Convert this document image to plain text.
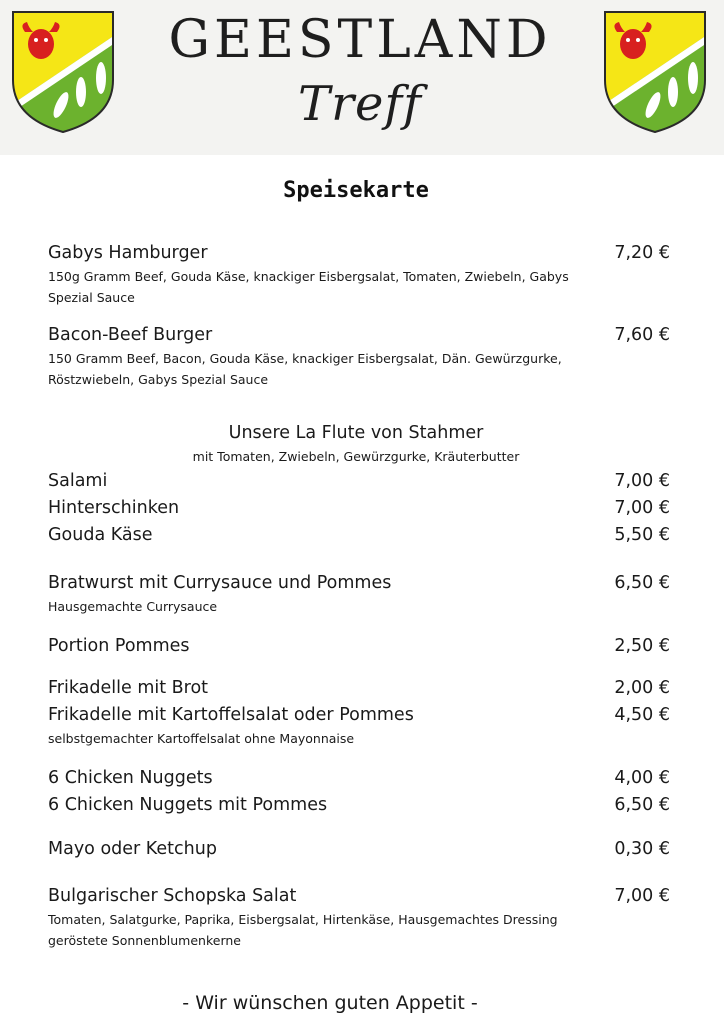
GEESTLAND
Treff
Speisekarte
Gabys Hamburger	7,20 €
150g Gramm Beef, Gouda Käse, knackiger Eisbergsalat, Tomaten, Zwiebeln, Gabys Spezial Sauce
Bacon-Beef Burger	7,60 €
150 Gramm Beef, Bacon, Gouda Käse, knackiger Eisbergsalat, Dän. Gewürzgurke, Röstzwiebeln, Gabys Spezial Sauce
Unsere La Flute von Stahmer
mit Tomaten, Zwiebeln, Gewürzgurke, Kräuterbutter
Salami	7,00 €
Hinterschinken	7,00 €
Gouda Käse	5,50 €
Bratwurst mit Currysauce und Pommes	6,50 €
Hausgemachte Currysauce
Portion Pommes	2,50 €
Frikadelle mit Brot	2,00 €
Frikadelle mit Kartoffelsalat oder Pommes	4,50 €
selbstgemachter Kartoffelsalat ohne Mayonnaise
6 Chicken Nuggets	4,00 €
6 Chicken Nuggets mit Pommes	6,50 €
Mayo oder Ketchup	0,30 €
Bulgarischer Schopska Salat	7,00 €
Tomaten, Salatgurke, Paprika, Eisbergsalat, Hirtenkäse, Hausgemachtes Dressing geröstete Sonnenblumenkerne
- Wir wünschen guten Appetit -
